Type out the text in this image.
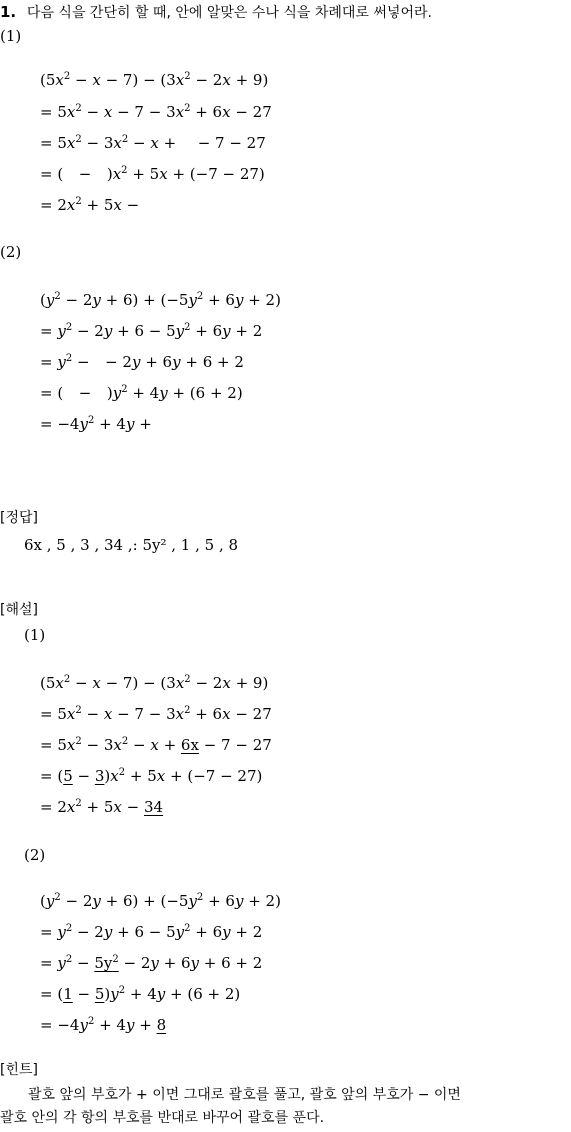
1. 다음 식을 간단히 할 때, 안에 알맞은 수나 식을 차례대로 써넣어라.
(1)
$(5x^2 - x - 7) - (3x^2 - 2x + 9)$
= $5x^2 - x - 7 - 3x^2 + 6x - 27$
= $5x^2 - 3x^2 - x$ +  − 7 − 27
= (  −  )$x^2 + 5x + (-7 - 27)$
= $2x^2 + 5x$ −
(2)
$(y^2 - 2y + 6) + (-5y^2 + 6y + 2)$
= $y^2 - 2y + 6 - 5y^2 + 6y + 2$
= $y^2$ −  − 2y + 6y + 6 + 2
= (  −  )$y^2 + 4y + (6 + 2)$
= $-4y^2 + 4y$ +
[정답]
6x , 5 , 3 , 34 ,: 5y² , 1 , 5 , 8
[해설]
(1)
$(5x^2 - x - 7) - (3x^2 - 2x + 9)$
= $5x^2 - x - 7 - 3x^2 + 6x - 27$
= $5x^2 - 3x^2 - x + 6x - 7 - 27$
= $(5 - 3)x^2 + 5x + (-7 - 27)$
= $2x^2 + 5x - 34$
(2)
$(y^2 - 2y + 6) + (-5y^2 + 6y + 2)$
= $y^2 - 2y + 6 - 5y^2 + 6y + 2$
= $y^2 - 5y^2 - 2y + 6y + 6 + 2$
= $(1 - 5)y^2 + 4y + (6 + 2)$
= $-4y^2 + 4y + 8$
[힌트]
괄호 앞의 부호가 + 이면 그대로 괄호를 풀고, 괄호 앞의 부호가 − 이면
괄호 안의 각 항의 부호를 반대로 바꾸어 괄호를 푼다.
